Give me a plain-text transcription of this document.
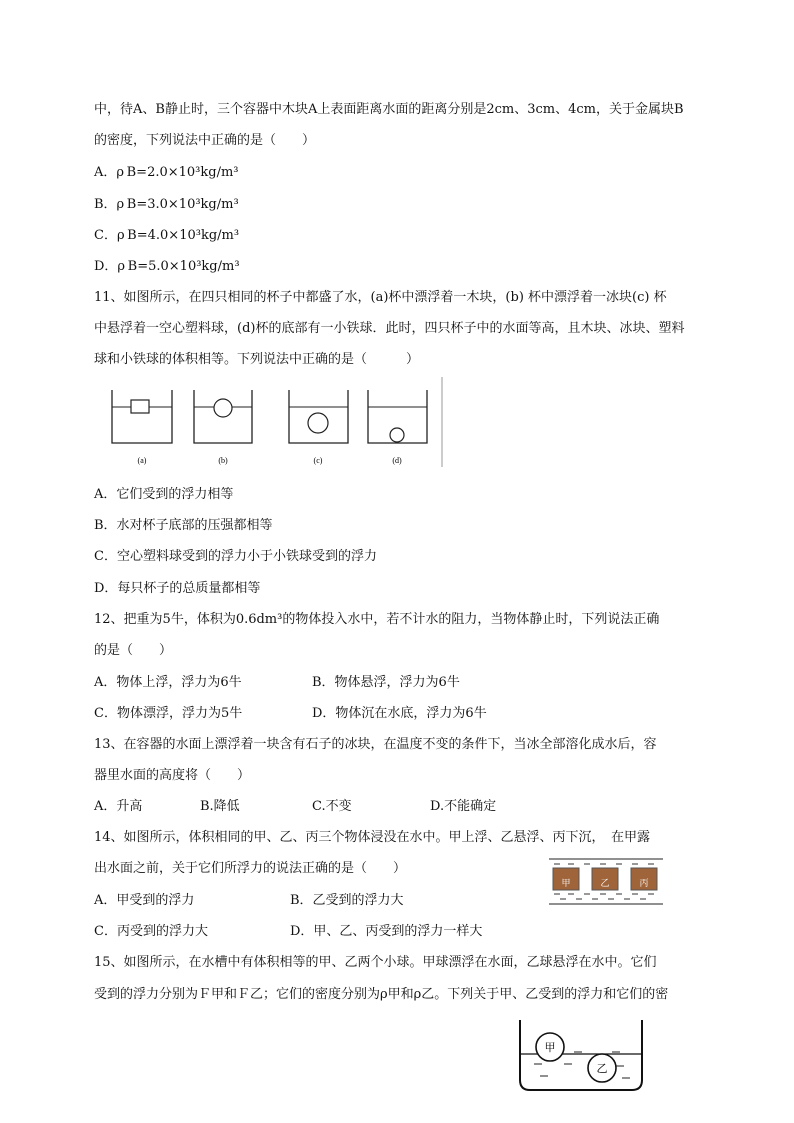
中，待A、B静止时，三个容器中木块A上表面距离水面的距离分别是2cm、3cm、4cm，关于金属块B
的密度，下列说法中正确的是（　　）
A．ρ B=2.0×10³kg/m³
B．ρ B=3.0×10³kg/m³
C．ρ B=4.0×10³kg/m³
D．ρ B=5.0×10³kg/m³
11、如图所示，在四只相同的杯子中都盛了水，(a)杯中漂浮着一木块，(b) 杯中漂浮着一冰块(c) 杯
中悬浮着一空心塑料球，(d)杯的底部有一小铁球．此时，四只杯子中的水面等高，且木块、冰块、塑料
球和小铁球的体积相等。下列说法中正确的是（　　　）
(a)	(b)	(c)	(d)
A．它们受到的浮力相等
B．水对杯子底部的压强都相等
C．空心塑料球受到的浮力小于小铁球受到的浮力
D．每只杯子的总质量都相等
12、把重为5牛，体积为0.6dm³的物体投入水中，若不计水的阻力，当物体静止时，下列说法正确
的是（　　）
A．物体上浮，浮力为6牛	B．物体悬浮，浮力为6牛
C．物体漂浮，浮力为5牛	D．物体沉在水底，浮力为6牛
13、在容器的水面上漂浮着一块含有石子的冰块，在温度不变的条件下，当冰全部溶化成水后，容
器里水面的高度将（　　）
A．升高	B.降低	C.不变	D.不能确定
14、如图所示，体积相同的甲、乙、丙三个物体浸没在水中。甲上浮、乙悬浮、丙下沉，　在甲露
出水面之前，关于它们所浮力的说法正确的是（　　）
甲	乙	丙
A．甲受到的浮力	B．乙受到的浮力大
C．丙受到的浮力大	D．甲、乙、丙受到的浮力一样大
15、如图所示，在水槽中有体积相等的甲、乙两个小球。甲球漂浮在水面，乙球悬浮在水中。它们
受到的浮力分别为Ｆ甲和Ｆ乙；它们的密度分别为ρ甲和ρ乙。下列关于甲、乙受到的浮力和它们的密
甲
乙
